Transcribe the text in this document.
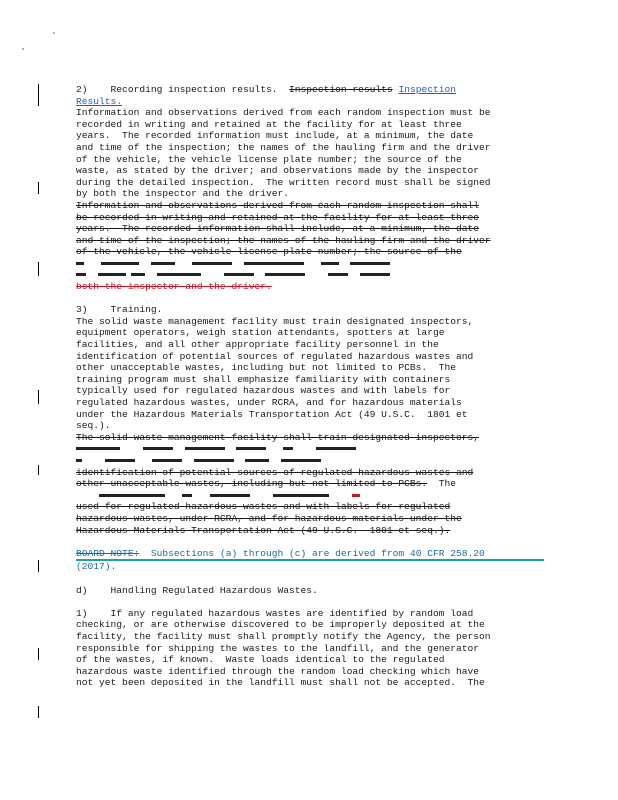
2) Recording inspection results. Inspection results Inspection
Results.
Information and observations derived from each random inspection must be
recorded in writing and retained at the facility for at least three
years.  The recorded information must include, at a minimum, the date
and time of the inspection; the names of the hauling firm and the driver
of the vehicle, the vehicle license plate number; the source of the
waste, as stated by the driver; and observations made by the inspector
during the detailed inspection.  The written record must shall be signed
by both the inspector and the driver.
Information and observations derived from each random inspection shall
be recorded in writing and retained at the facility for at least three
years.  The recorded information shall include, at a minimum, the date
and time of the inspection; the names of the hauling firm and the driver
of the vehicle, the vehicle license plate number; the source of the

both the inspector and the driver.
3) Training.
The solid waste management facility must train designated inspectors,
equipment operators, weigh station attendants, spotters at large
facilities, and all other appropriate facility personnel in the
identification of potential sources of regulated hazardous wastes and
other unacceptable wastes, including but not limited to PCBs.  The
training program must shall emphasize familiarity with containers
typically used for regulated hazardous wastes and with labels for
regulated hazardous wastes, under RCRA, and for hazardous materials
under the Hazardous Materials Transportation Act (49 U.S.C.  1801 et
seq.).
The solid waste management facility shall train designated inspectors,

identification of potential sources of regulated hazardous wastes and
other unacceptable wastes, including but not limited to PCBs. The

used for regulated hazardous wastes and with labels for regulated
hazardous wastes, under RCRA, and for hazardous materials under the
Hazardous Materials Transportation Act (49 U.S.C.  1801 et seq.).
BOARD NOTE: Subsections (a) through (c) are derived from 40 CFR 258.20
(2017).
d) Handling Regulated Hazardous Wastes.
1) If any regulated hazardous wastes are identified by random load
checking, or are otherwise discovered to be improperly deposited at the
facility, the facility must shall promptly notify the Agency, the person
responsible for shipping the wastes to the landfill, and the generator
of the wastes, if known.  Waste loads identical to the regulated
hazardous waste identified through the random load checking which have
not yet been deposited in the landfill must shall not be accepted.  The
